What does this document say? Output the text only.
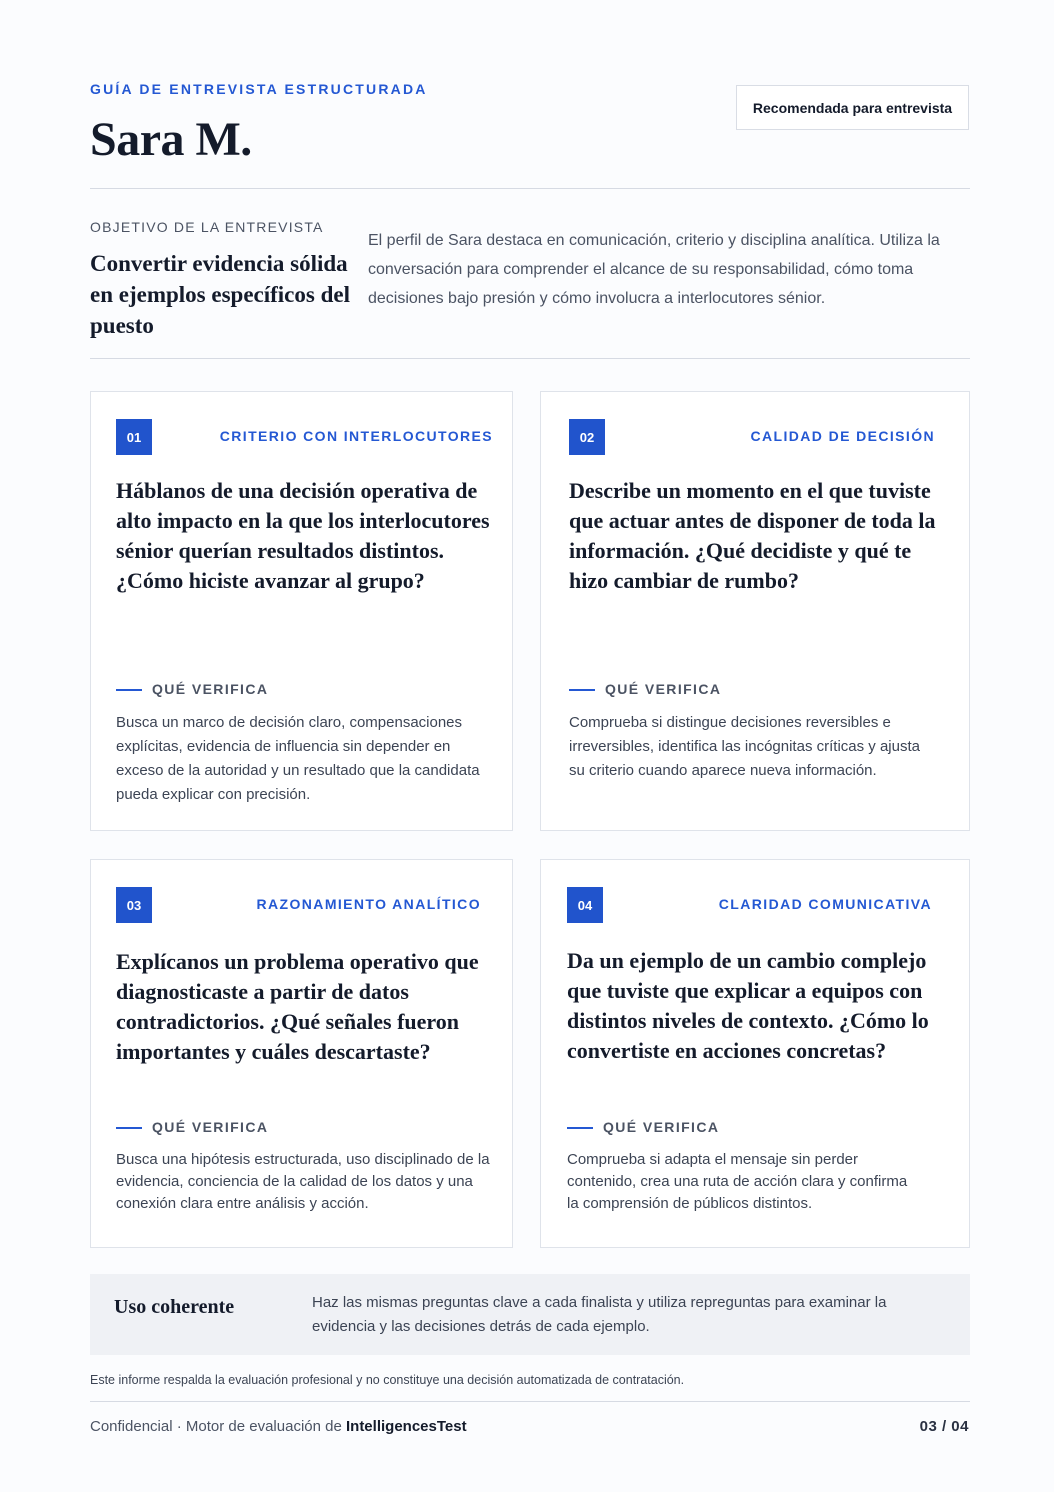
GUÍA DE ENTREVISTA ESTRUCTURADA
Sara M.
Recomendada para entrevista
OBJETIVO DE LA ENTREVISTA
Convertir evidencia sólida en ejemplos específicos del puesto
El perfil de Sara destaca en comunicación, criterio y disciplina analítica. Utiliza la conversación para comprender el alcance de su responsabilidad, cómo toma decisiones bajo presión y cómo involucra a interlocutores sénior.
01	CRITERIO CON INTERLOCUTORES
Háblanos de una decisión operativa de alto impacto en la que los interlocutores sénior querían resultados distintos. ¿Cómo hiciste avanzar al grupo?
QUÉ VERIFICA
Busca un marco de decisión claro, compensaciones explícitas, evidencia de influencia sin depender en exceso de la autoridad y un resultado que la candidata pueda explicar con precisión.
02	CALIDAD DE DECISIÓN
Describe un momento en el que tuviste que actuar antes de disponer de toda la información. ¿Qué decidiste y qué te hizo cambiar de rumbo?
QUÉ VERIFICA
Comprueba si distingue decisiones reversibles e irreversibles, identifica las incógnitas críticas y ajusta su criterio cuando aparece nueva información.
03	RAZONAMIENTO ANALÍTICO
Explícanos un problema operativo que diagnosticaste a partir de datos contradictorios. ¿Qué señales fueron importantes y cuáles descartaste?
QUÉ VERIFICA
Busca una hipótesis estructurada, uso disciplinado de la evidencia, conciencia de la calidad de los datos y una conexión clara entre análisis y acción.
04	CLARIDAD COMUNICATIVA
Da un ejemplo de un cambio complejo que tuviste que explicar a equipos con distintos niveles de contexto. ¿Cómo lo convertiste en acciones concretas?
QUÉ VERIFICA
Comprueba si adapta el mensaje sin perder contenido, crea una ruta de acción clara y confirma la comprensión de públicos distintos.
Uso coherente	Haz las mismas preguntas clave a cada finalista y utiliza repreguntas para examinar la evidencia y las decisiones detrás de cada ejemplo.
Este informe respalda la evaluación profesional y no constituye una decisión automatizada de contratación.
Confidencial · Motor de evaluación de IntelligencesTest	03 / 04
